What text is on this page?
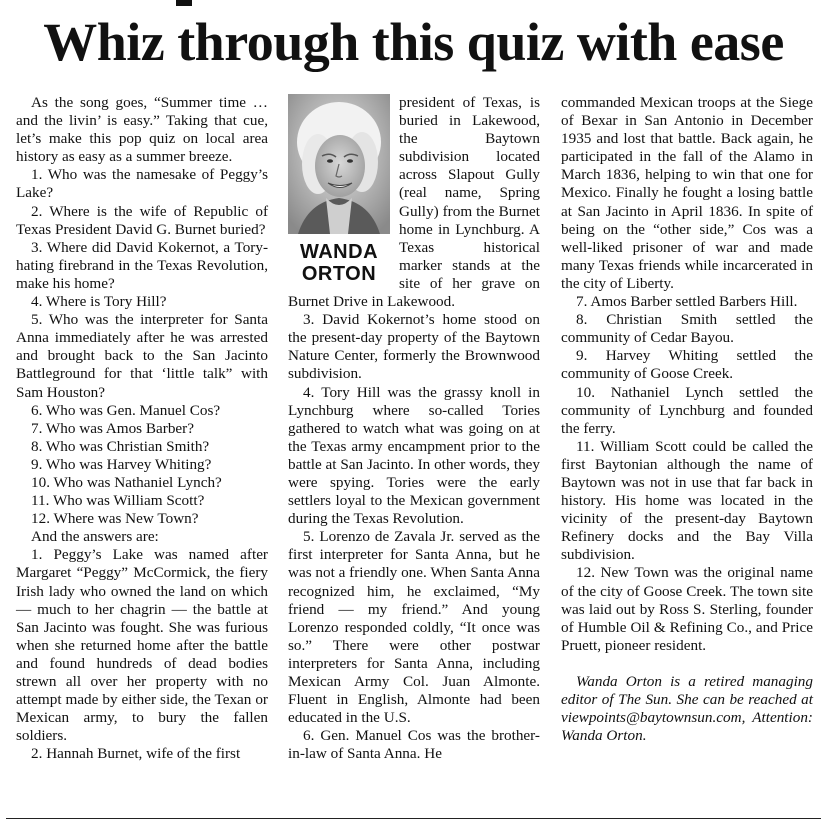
Whiz through this quiz with ease

As the song goes, “Summer time … and the livin’ is easy.” Taking that cue, let’s make this pop quiz on local area history as easy as a summer breeze.

1. Who was the namesake of Peggy’s Lake?

2. Where is the wife of Republic of Texas President David G. Burnet buried?

3. Where did David Kokernot, a Tory-hating firebrand in the Texas Revolution, make his home?

4. Where is Tory Hill?

5. Who was the interpreter for Santa Anna immediately after he was arrested and brought back to the San Jacinto Battleground for that ‘little talk” with Sam Houston?

6. Who was Gen. Manuel Cos?

7. Who was Amos Barber?

8. Who was Christian Smith?

9. Who was Harvey Whiting?

10. Who was Nathaniel Lynch?

11. Who was William Scott?

12. Where was New Town?

And the answers are:

1. Peggy’s Lake was named after Margaret “Peggy” McCormick, the fiery Irish lady who owned the land on which — much to her chagrin — the battle at San Jacinto was fought. She was furious when she returned home after the battle and found hundreds of dead bodies strewn all over her property with no attempt made by either side, the Texan or Mexican army, to bury the fallen soldiers.

2. Hannah Burnet, wife of the first

WANDA
ORTON

president of Texas, is buried in Lakewood, the Baytown subdivision located across Slapout Gully (real name, Spring Gully) from the Burnet home in Lynchburg. A Texas historical marker stands at the site of her grave on Burnet Drive in Lakewood.

3. David Kokernot’s home stood on the present-day property of the Baytown Nature Center, formerly the Brownwood subdivision.

4. Tory Hill was the grassy knoll in Lynchburg where so-called Tories gathered to watch what was going on at the Texas army encampment prior to the battle at San Jacinto. In other words, they were spying. Tories were the early settlers loyal to the Mexican government during the Texas Revolution.

5. Lorenzo de Zavala Jr. served as the first interpreter for Santa Anna, but he was not a friendly one. When Santa Anna recognized him, he exclaimed, “My friend — my friend.” And young Lorenzo responded coldly, “It once was so.” There were other postwar interpreters for Santa Anna, including Mexican Army Col. Juan Almonte. Fluent in English, Almonte had been educated in the U.S.

6. Gen. Manuel Cos was the brother-in-law of Santa Anna. He

commanded Mexican troops at the Siege of Bexar in San Antonio in December 1935 and lost that battle. Back again, he participated in the fall of the Alamo in March 1836, helping to win that one for Mexico. Finally he fought a losing battle at San Jacinto in April 1836. In spite of being on the “other side,” Cos was a well-liked prisoner of war and made many Texas friends while incarcerated in the city of Liberty.

7. Amos Barber settled Barbers Hill.

8. Christian Smith settled the community of Cedar Bayou.

9. Harvey Whiting settled the community of Goose Creek.

10. Nathaniel Lynch settled the community of Lynchburg and founded the ferry.

11. William Scott could be called the first Baytonian although the name of Baytown was not in use that far back in history. His home was located in the vicinity of the present-day Baytown Refinery docks and the Bay Villa subdivision.

12. New Town was the original name of the city of Goose Creek. The town site was laid out by Ross S. Sterling, founder of Humble Oil & Refining Co., and Price Pruett, pioneer resident.

Wanda Orton is a retired managing editor of The Sun. She can be reached at viewpoints@baytownsun.com, Attention: Wanda Orton.
